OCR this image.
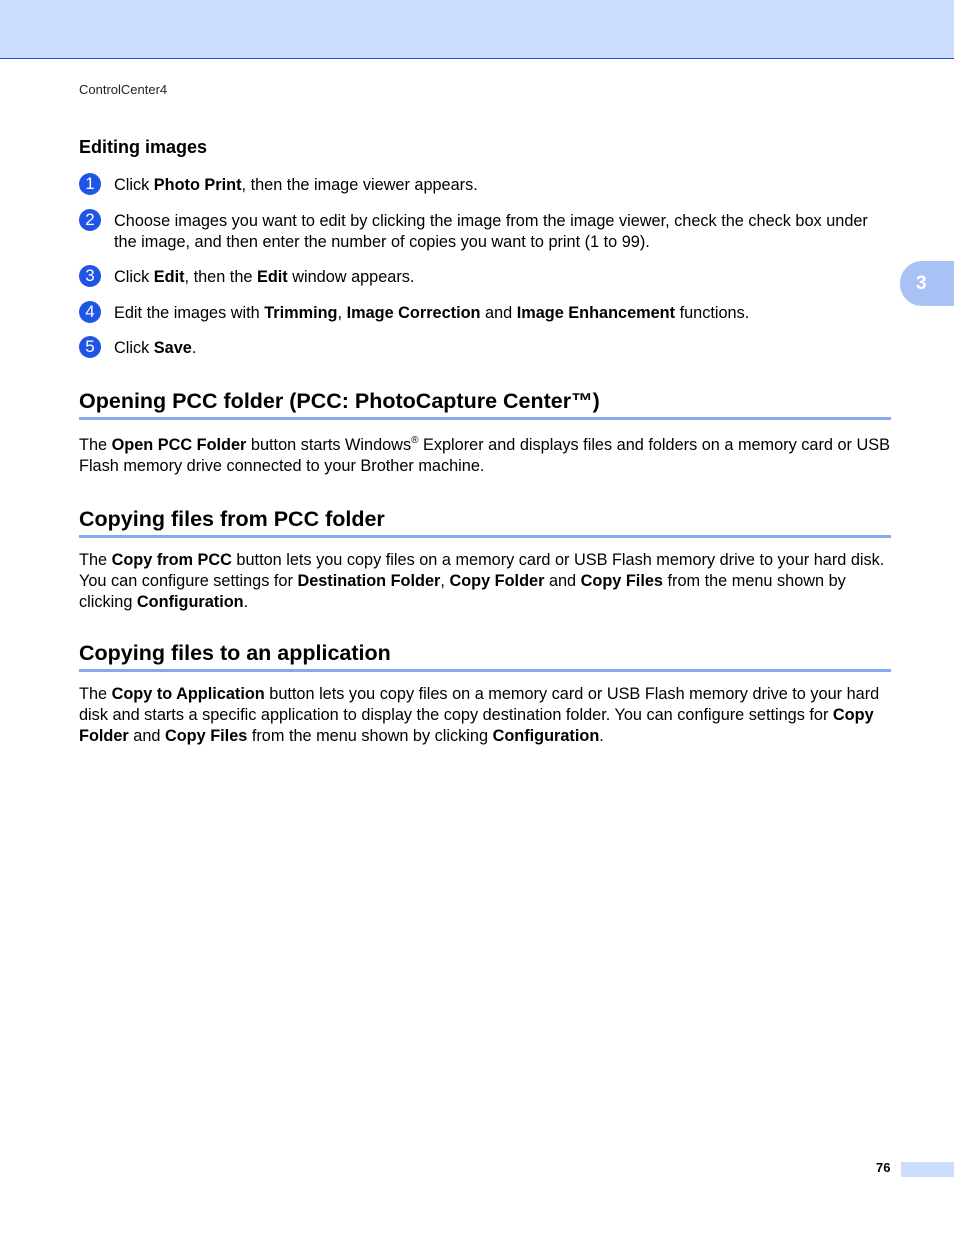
ControlCenter4
3
Editing images
1	Click Photo Print, then the image viewer appears.
2	Choose images you want to edit by clicking the image from the image viewer, check the check box under the image, and then enter the number of copies you want to print (1 to 99).
3	Click Edit, then the Edit window appears.
4	Edit the images with Trimming, Image Correction and Image Enhancement functions.
5	Click Save.
Opening PCC folder (PCC: PhotoCapture Center™)
The Open PCC Folder button starts Windows® Explorer and displays files and folders on a memory card or USB Flash memory drive connected to your Brother machine.
Copying files from PCC folder
The Copy from PCC button lets you copy files on a memory card or USB Flash memory drive to your hard disk. You can configure settings for Destination Folder, Copy Folder and Copy Files from the menu shown by clicking Configuration.
Copying files to an application
The Copy to Application button lets you copy files on a memory card or USB Flash memory drive to your hard disk and starts a specific application to display the copy destination folder. You can configure settings for Copy Folder and Copy Files from the menu shown by clicking Configuration.
76
